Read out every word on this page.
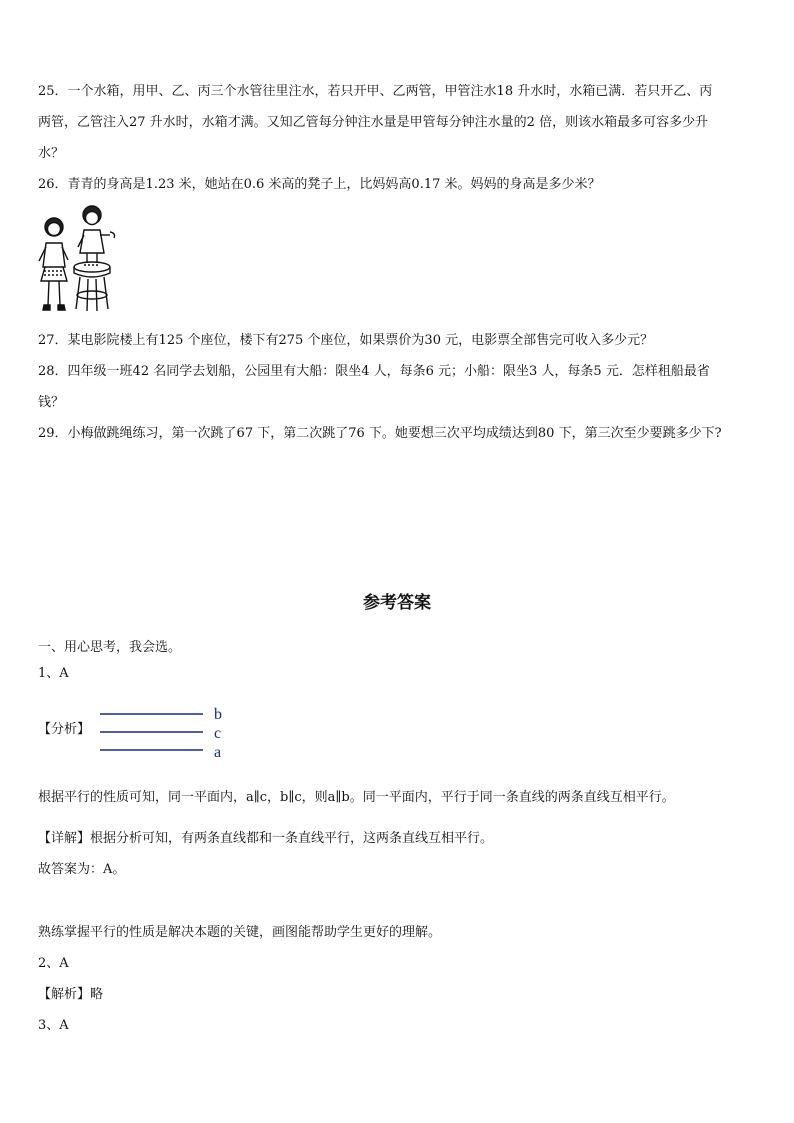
25．一个水箱，用甲、乙、丙三个水管往里注水，若只开甲、乙两管，甲管注水18 升水时，水箱已满．若只开乙、丙
两管，乙管注入27 升水时，水箱才满。又知乙管每分钟注水量是甲管每分钟注水量的2 倍，则该水箱最多可容多少升
水？
26．青青的身高是1.23 米，她站在0.6 米高的凳子上，比妈妈高0.17 米。妈妈的身高是多少米？
27．某电影院楼上有125 个座位，楼下有275 个座位，如果票价为30 元，电影票全部售完可收入多少元？
28．四年级一班42 名同学去划船，公园里有大船：限坐4 人，每条6 元；小船：限坐3 人，每条5 元．怎样租船最省
钱？
29．小梅做跳绳练习，第一次跳了67 下，第二次跳了76 下。她要想三次平均成绩达到80 下，第三次至少要跳多少下?
参考答案
一、用心思考，我会选。
1、A
【分析】
b
c
a
根据平行的性质可知，同一平面内，a∥c，b∥c，则a∥b。同一平面内，平行于同一条直线的两条直线互相平行。
【详解】根据分析可知，有两条直线都和一条直线平行，这两条直线互相平行。
故答案为：A。
熟练掌握平行的性质是解决本题的关键，画图能帮助学生更好的理解。
2、A
【解析】略
3、A
